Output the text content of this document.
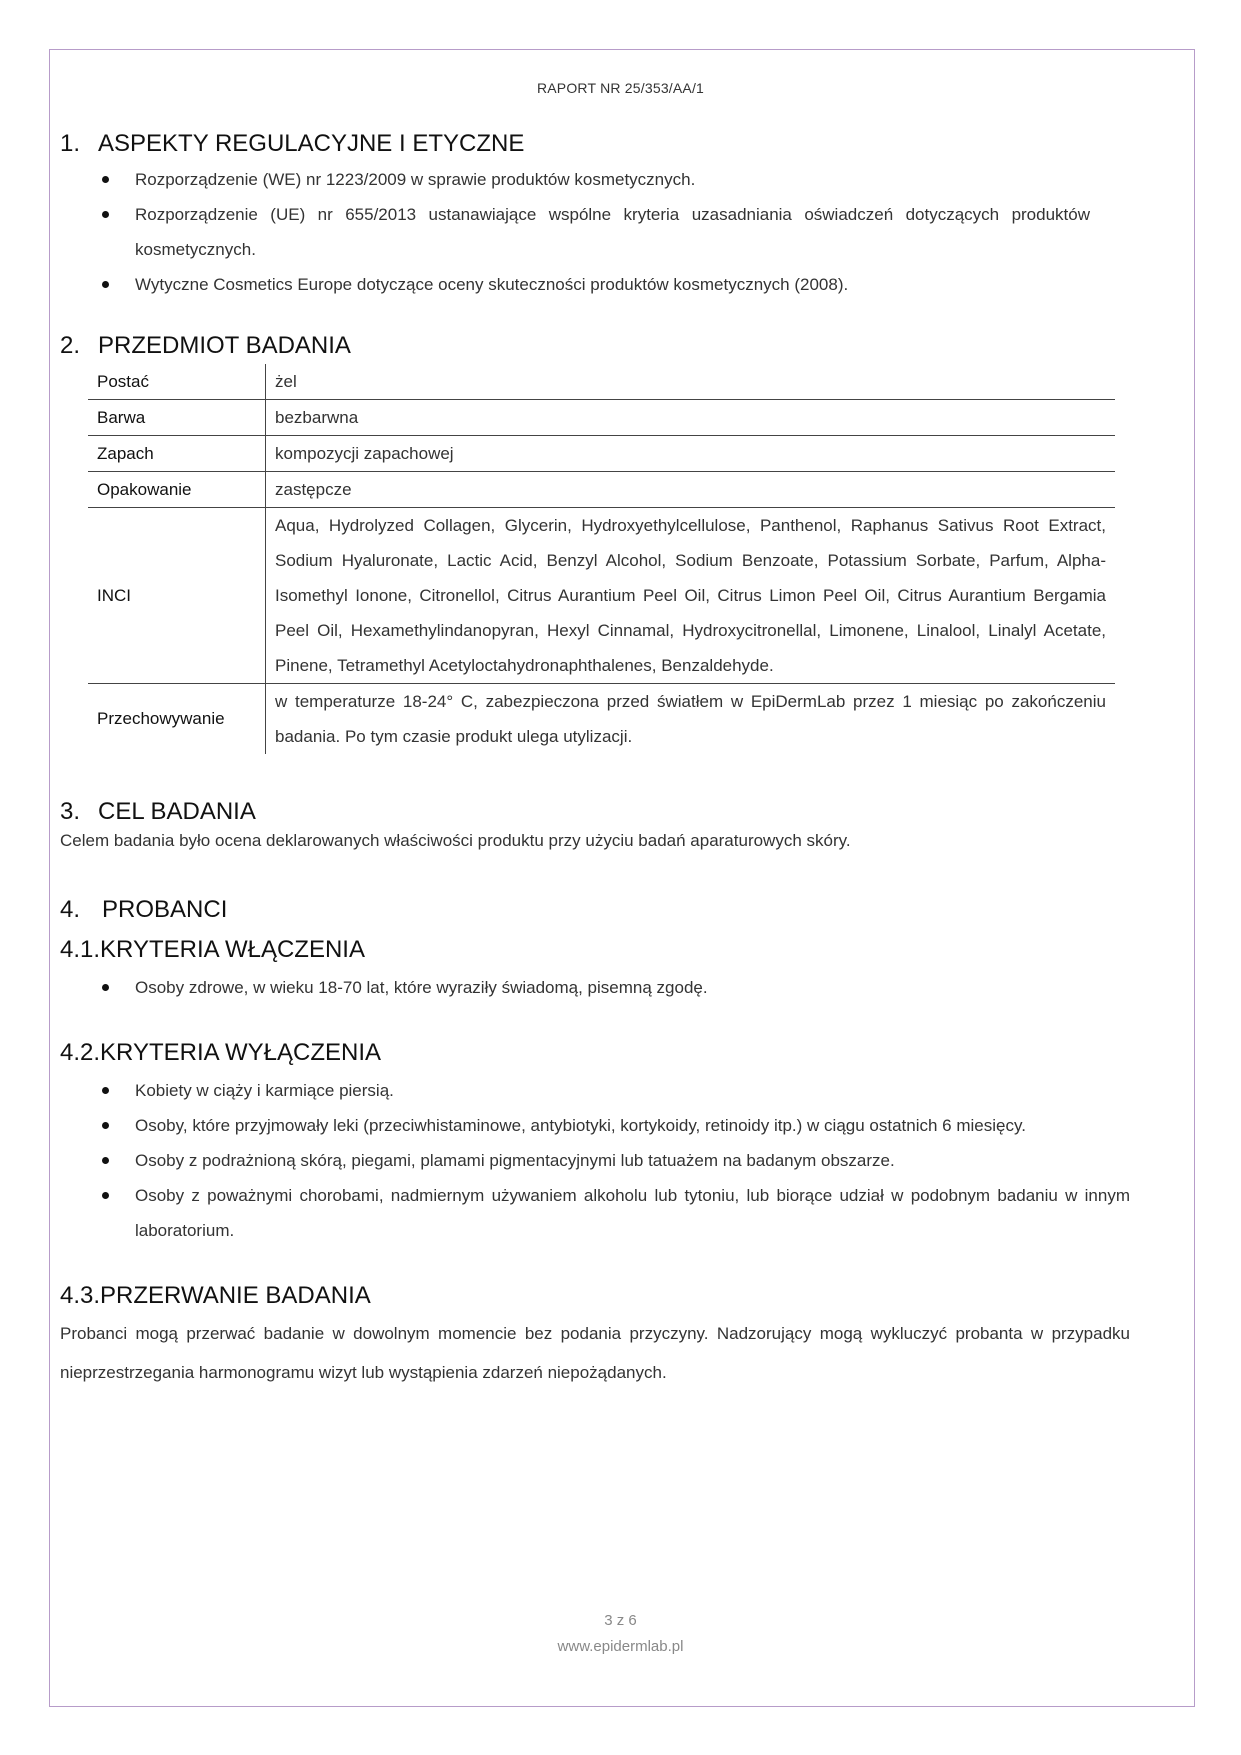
RAPORT NR 25/353/AA/1
1. ASPEKTY REGULACYJNE I ETYCZNE
Rozporządzenie (WE) nr 1223/2009 w sprawie produktów kosmetycznych.
Rozporządzenie (UE) nr 655/2013 ustanawiające wspólne kryteria uzasadniania oświadczeń dotyczących produktów kosmetycznych.
Wytyczne Cosmetics Europe dotyczące oceny skuteczności produktów kosmetycznych (2008).
2. PRZEDMIOT BADANIA
Postać	żel
Barwa	bezbarwna
Zapach	kompozycji zapachowej
Opakowanie	zastępcze
INCI	Aqua, Hydrolyzed Collagen, Glycerin, Hydroxyethylcellulose, Panthenol, Raphanus Sativus Root Extract, Sodium Hyaluronate, Lactic Acid, Benzyl Alcohol, Sodium Benzoate, Potassium Sorbate, Parfum, Alpha-Isomethyl Ionone, Citronellol, Citrus Aurantium Peel Oil, Citrus Limon Peel Oil, Citrus Aurantium Bergamia Peel Oil, Hexamethylindanopyran, Hexyl Cinnamal, Hydroxycitronellal, Limonene, Linalool, Linalyl Acetate, Pinene, Tetramethyl Acetyloctahydronaphthalenes, Benzaldehyde.
Przechowywanie	w temperaturze 18-24° C, zabezpieczona przed światłem w EpiDermLab przez 1 miesiąc po zakończeniu badania. Po tym czasie produkt ulega utylizacji.
3. CEL BADANIA
Celem badania było ocena deklarowanych właściwości produktu przy użyciu badań aparaturowych skóry.
4. PROBANCI
4.1. KRYTERIA WŁĄCZENIA
Osoby zdrowe, w wieku 18-70 lat, które wyraziły świadomą, pisemną zgodę.
4.2. KRYTERIA WYŁĄCZENIA
Kobiety w ciąży i karmiące piersią.
Osoby, które przyjmowały leki (przeciwhistaminowe, antybiotyki, kortykoidy, retinoidy itp.) w ciągu ostatnich 6 miesięcy.
Osoby z podrażnioną skórą, piegami, plamami pigmentacyjnymi lub tatuażem na badanym obszarze.
Osoby z poważnymi chorobami, nadmiernym używaniem alkoholu lub tytoniu, lub biorące udział w podobnym badaniu w innym laboratorium.
4.3. PRZERWANIE BADANIA
Probanci mogą przerwać badanie w dowolnym momencie bez podania przyczyny. Nadzorujący mogą wykluczyć probanta w przypadku nieprzestrzegania harmonogramu wizyt lub wystąpienia zdarzeń niepożądanych.
3 z 6
www.epidermlab.pl
